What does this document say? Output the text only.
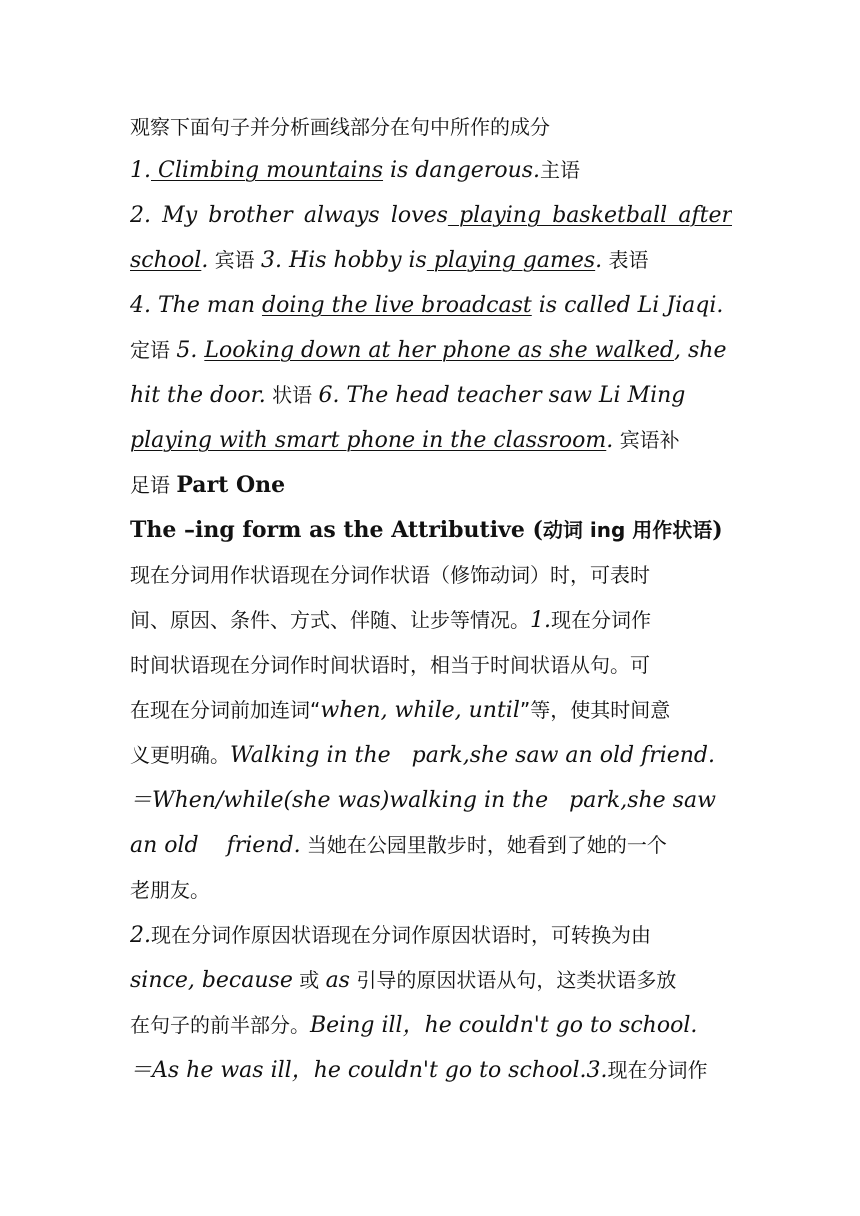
观察下面句子并分析画线部分在句中所作的成分
1. Climbing mountains is dangerous.主语
2. My brother always loves playing basketball after
school. 宾语 3. His hobby is playing games. 表语
4. The man doing the live broadcast is called Li Jiaqi.
定语 5. Looking down at her phone as she walked, she
hit the door. 状语 6. The head teacher saw Li Ming
playing with smart phone in the classroom. 宾语补
足语 Part One
The –ing form as the Attributive (动词 ing 用作状语)
现在分词用作状语现在分词作状语（修饰动词）时，可表时
间、原因、条件、方式、伴随、让步等情况。1.现在分词作
时间状语现在分词作时间状语时，相当于时间状语从句。可
在现在分词前加连词“when, while, until”等，使其时间意
义更明确。Walking in the   park,she saw an old friend.
＝When/while(she was)walking in the   park,she saw
an old    friend. 当她在公园里散步时，她看到了她的一个
老朋友。
2.现在分词作原因状语现在分词作原因状语时，可转换为由
since, because 或 as 引导的原因状语从句，这类状语多放
在句子的前半部分。Being ill，he couldn't go to school.
＝As he was ill，he couldn't go to school.3.现在分词作
